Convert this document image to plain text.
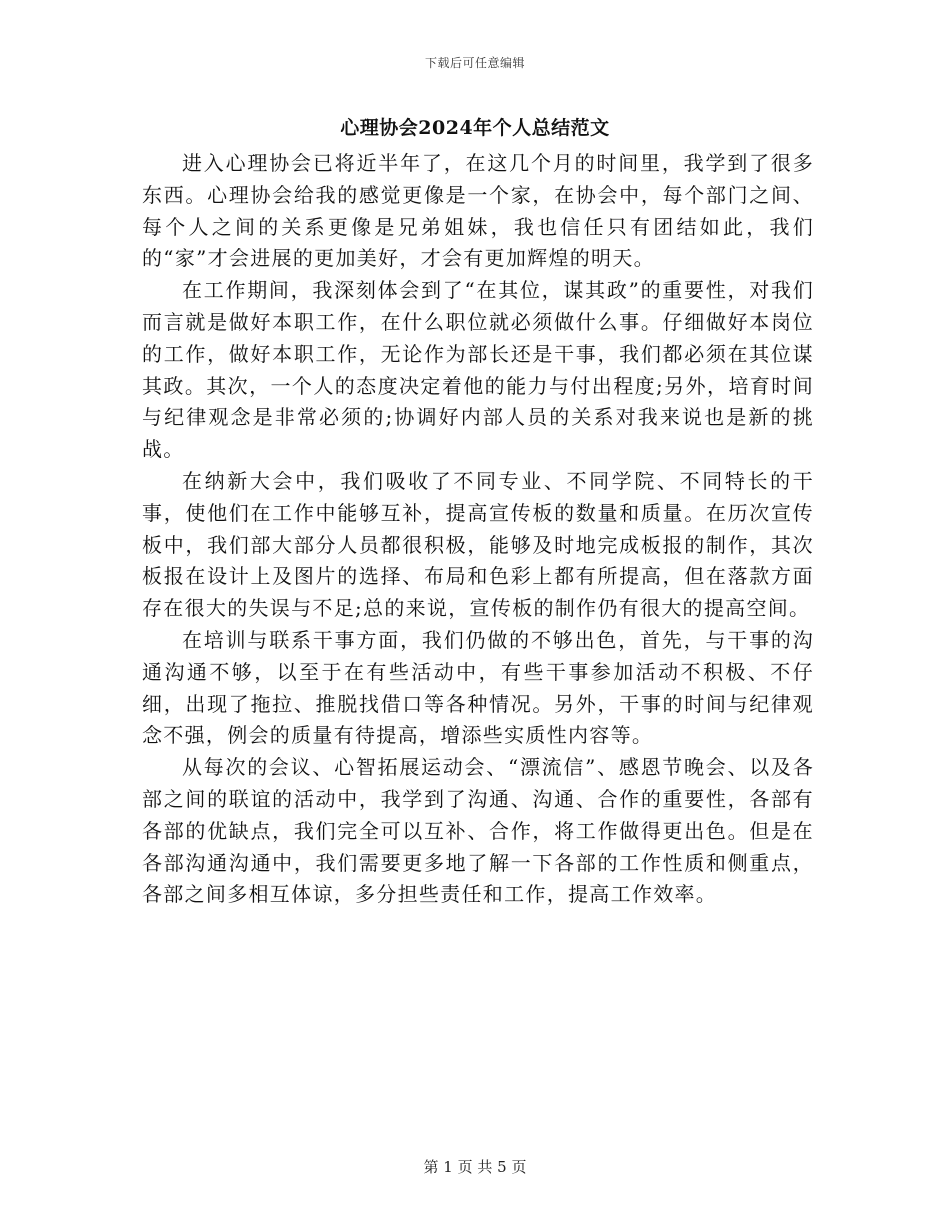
下载后可任意编辑
心理协会2024年个人总结范文

进入心理协会已将近半年了，在这几个月的时间里，我学到了很多东西。心理协会给我的感觉更像是一个家，在协会中，每个部门之间、每个人之间的关系更像是兄弟姐妹，我也信任只有团结如此，我们的“家”才会进展的更加美好，才会有更加辉煌的明天。

在工作期间，我深刻体会到了“在其位，谋其政”的重要性，对我们而言就是做好本职工作，在什么职位就必须做什么事。仔细做好本岗位的工作，做好本职工作，无论作为部长还是干事，我们都必须在其位谋其政。其次，一个人的态度决定着他的能力与付出程度;另外，培育时间与纪律观念是非常必须的;协调好内部人员的关系对我来说也是新的挑战。

在纳新大会中，我们吸收了不同专业、不同学院、不同特长的干事，使他们在工作中能够互补，提高宣传板的数量和质量。在历次宣传板中，我们部大部分人员都很积极，能够及时地完成板报的制作，其次板报在设计上及图片的选择、布局和色彩上都有所提高，但在落款方面存在很大的失误与不足;总的来说，宣传板的制作仍有很大的提高空间。

在培训与联系干事方面，我们仍做的不够出色，首先，与干事的沟通沟通不够，以至于在有些活动中，有些干事参加活动不积极、不仔细，出现了拖拉、推脱找借口等各种情况。另外，干事的时间与纪律观念不强，例会的质量有待提高，增添些实质性内容等。

从每次的会议、心智拓展运动会、“漂流信”、感恩节晚会、以及各部之间的联谊的活动中，我学到了沟通、沟通、合作的重要性，各部有各部的优缺点，我们完全可以互补、合作，将工作做得更出色。但是在各部沟通沟通中，我们需要更多地了解一下各部的工作性质和侧重点，各部之间多相互体谅，多分担些责任和工作，提高工作效率。

第 1 页 共 5 页
